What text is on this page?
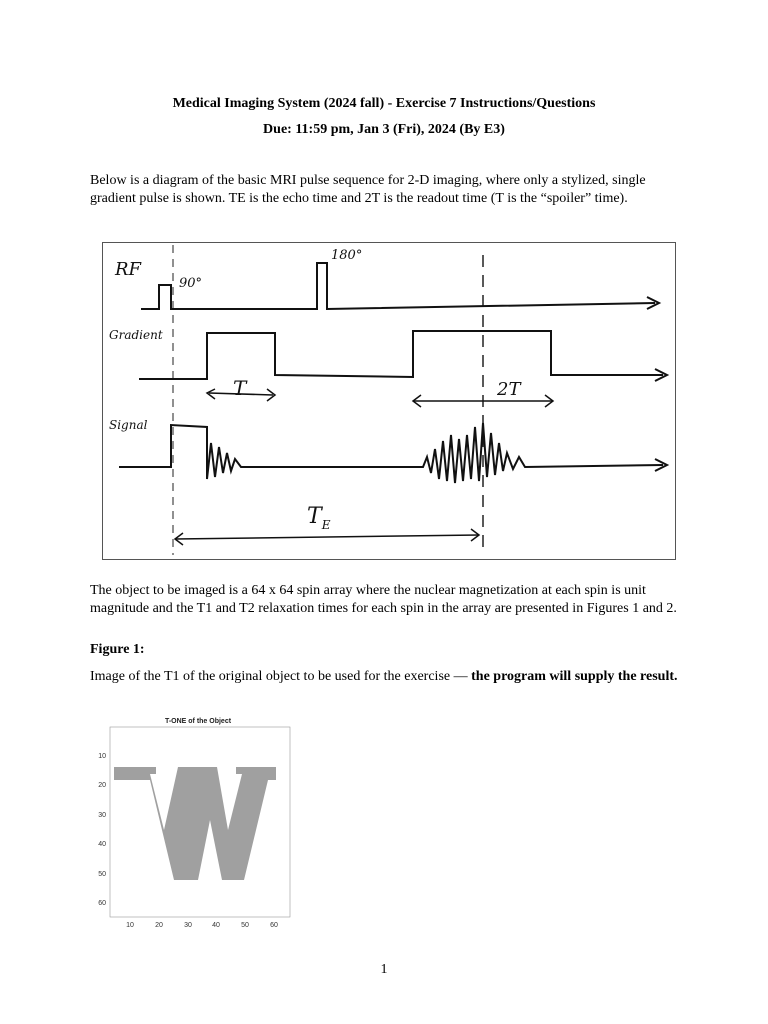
Medical Imaging System (2024 fall) - Exercise 7 Instructions/Questions
Due: 11:59 pm, Jan 3 (Fri), 2024 (By E3)
Below is a diagram of the basic MRI pulse sequence for 2-D imaging, where only a stylized, single gradient pulse is shown. TE is the echo time and 2T is the readout time (T is the “spoiler” time).
RF
90°
180°
Gradient
Signal
T	2T
$T_E$
The object to be imaged is a 64 x 64 spin array where the nuclear magnetization at each spin is unit magnitude and the T1 and T2 relaxation times for each spin in the array are presented in Figures 1 and 2.
Figure 1:
Image of the T1 of the original object to be used for the exercise — the program will supply the result.
T-ONE of the Object
10
20
30
40
50
60
10	20	30	40	50	60
1
